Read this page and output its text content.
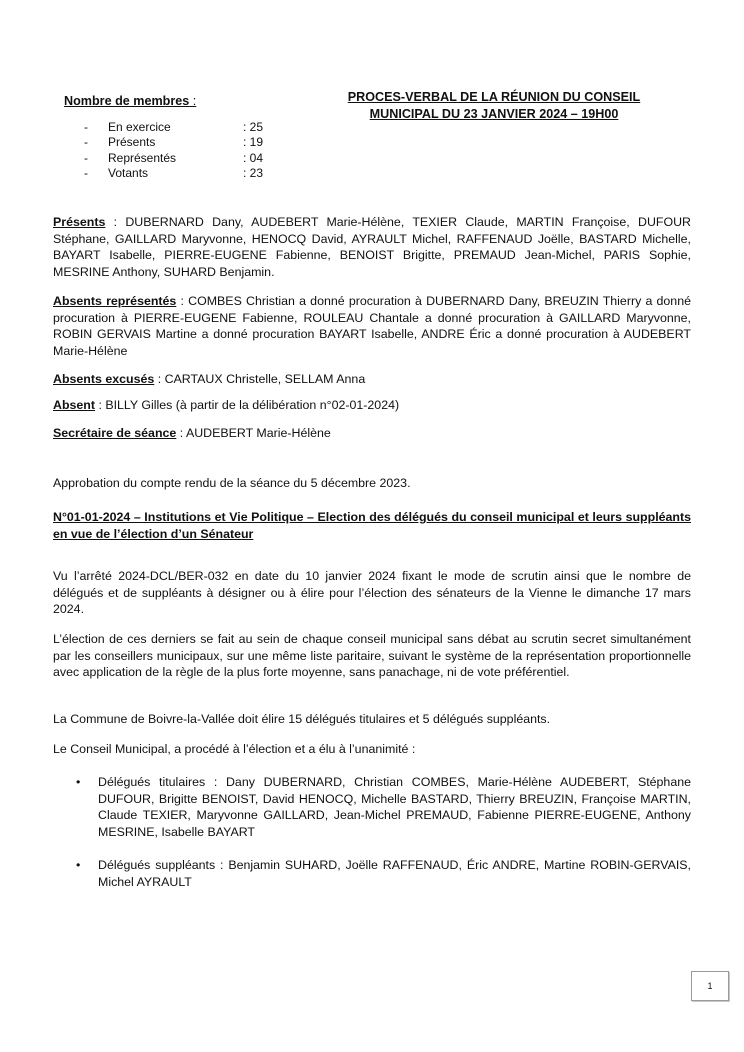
Nombre de membres :
-	En exercice	: 25
-	Présents	: 19
-	Représentés	: 04
-	Votants	: 23
PROCES-VERBAL DE LA RÉUNION DU CONSEIL
MUNICIPAL DU 23 JANVIER 2024 – 19H00
Présents : DUBERNARD Dany, AUDEBERT Marie-Hélène, TEXIER Claude, MARTIN Françoise, DUFOUR Stéphane, GAILLARD Maryvonne, HENOCQ David, AYRAULT Michel, RAFFENAUD Joëlle, BASTARD Michelle, BAYART Isabelle, PIERRE-EUGENE Fabienne, BENOIST Brigitte, PREMAUD Jean-Michel, PARIS Sophie, MESRINE Anthony, SUHARD Benjamin.
Absents représentés : COMBES Christian a donné procuration à DUBERNARD Dany, BREUZIN Thierry a donné procuration à PIERRE-EUGENE Fabienne, ROULEAU Chantale a donné procuration à GAILLARD Maryvonne, ROBIN GERVAIS Martine a donné procuration BAYART Isabelle, ANDRE Éric a donné procuration à AUDEBERT Marie-Hélène
Absents excusés : CARTAUX Christelle, SELLAM Anna
Absent : BILLY Gilles (à partir de la délibération n°02-01-2024)
Secrétaire de séance : AUDEBERT Marie-Hélène
Approbation du compte rendu de la séance du 5 décembre 2023.
N°01-01-2024 – Institutions et Vie Politique – Election des délégués du conseil municipal et leurs suppléants en vue de l’élection d’un Sénateur
Vu l’arrêté 2024-DCL/BER-032 en date du 10 janvier 2024 fixant le mode de scrutin ainsi que le nombre de délégués et de suppléants à désigner ou à élire pour l’élection des sénateurs de la Vienne le dimanche 17 mars 2024.
L’élection de ces derniers se fait au sein de chaque conseil municipal sans débat au scrutin secret simultanément par les conseillers municipaux, sur une même liste paritaire, suivant le système de la représentation proportionnelle avec application de la règle de la plus forte moyenne, sans panachage, ni de vote préférentiel.
La Commune de Boivre-la-Vallée doit élire 15 délégués titulaires et 5 délégués suppléants.
Le Conseil Municipal, a procédé à l’élection et a élu à l’unanimité :
• Délégués titulaires : Dany DUBERNARD, Christian COMBES, Marie-Hélène AUDEBERT, Stéphane DUFOUR, Brigitte BENOIST, David HENOCQ, Michelle BASTARD, Thierry BREUZIN, Françoise MARTIN, Claude TEXIER, Maryvonne GAILLARD, Jean-Michel PREMAUD, Fabienne PIERRE-EUGENE, Anthony MESRINE, Isabelle BAYART
• Délégués suppléants : Benjamin SUHARD, Joëlle RAFFENAUD, Éric ANDRE, Martine ROBIN-GERVAIS, Michel AYRAULT
1
